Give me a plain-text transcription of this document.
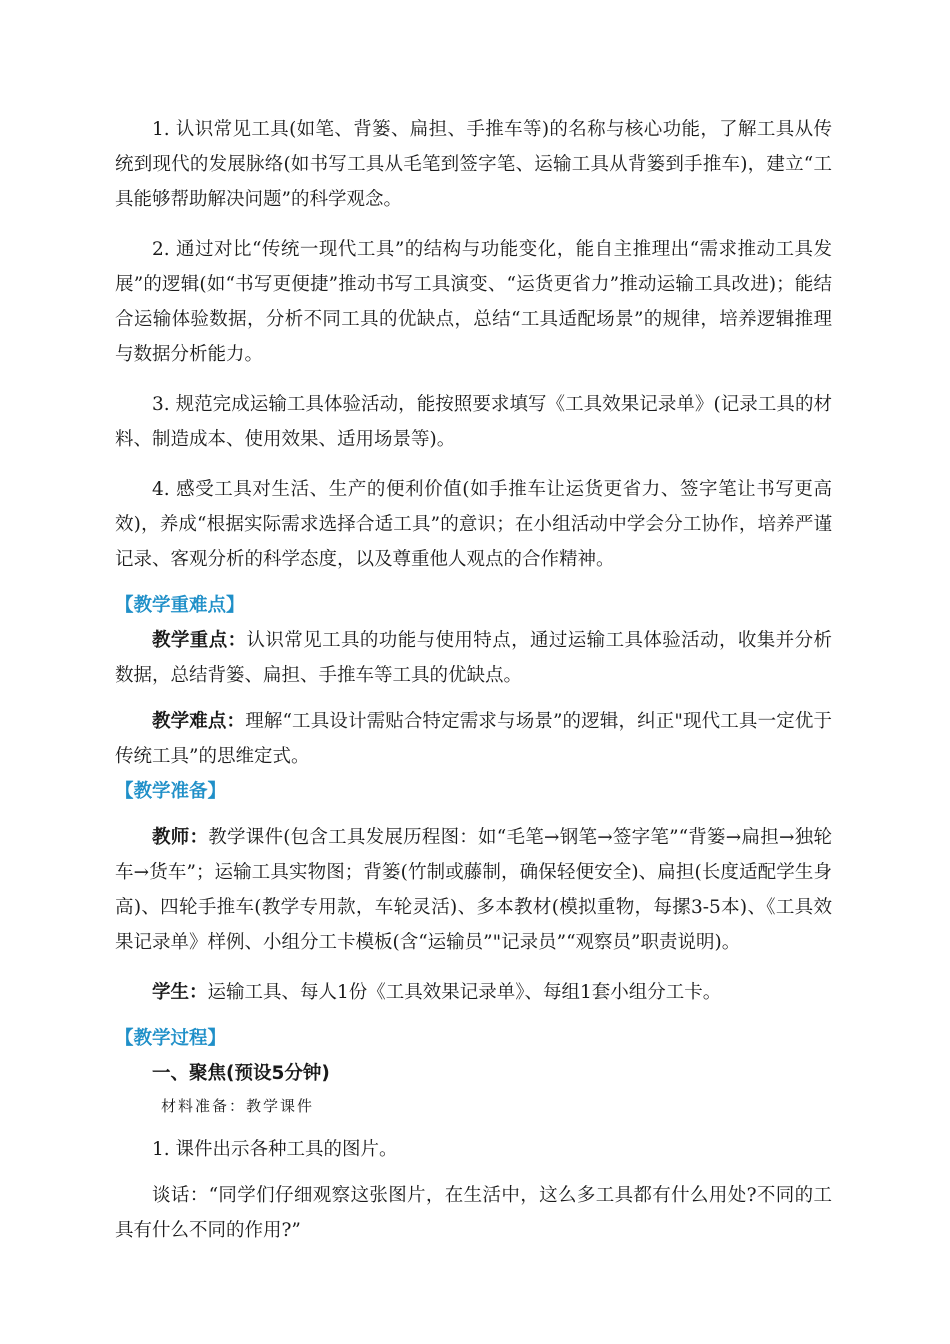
1. 认识常见工具(如笔、背篓、扁担、手推车等)的名称与核心功能，了解工具从传统到现代的发展脉络(如书写工具从毛笔到签字笔、运输工具从背篓到手推车)，建立“工具能够帮助解决问题”的科学观念。

2. 通过对比“传统一现代工具”的结构与功能变化，能自主推理出“需求推动工具发展”的逻辑(如“书写更便捷”推动书写工具演变、“运货更省力”推动运输工具改进)；能结合运输体验数据，分析不同工具的优缺点，总结“工具适配场景”的规律，培养逻辑推理与数据分析能力。

3. 规范完成运输工具体验活动，能按照要求填写《工具效果记录单》(记录工具的材料、制造成本、使用效果、适用场景等)。

4. 感受工具对生活、生产的便利价值(如手推车让运货更省力、签字笔让书写更高效)，养成“根据实际需求选择合适工具”的意识；在小组活动中学会分工协作，培养严谨记录、客观分析的科学态度，以及尊重他人观点的合作精神。

【教学重难点】

教学重点：认识常见工具的功能与使用特点，通过运输工具体验活动，收集并分析数据，总结背篓、扁担、手推车等工具的优缺点。

教学难点：理解“工具设计需贴合特定需求与场景”的逻辑，纠正"现代工具一定优于传统工具”的思维定式。

【教学准备】

教师：教学课件(包含工具发展历程图：如“毛笔→钢笔→签字笔”“背篓→扁担→独轮车→货车”；运输工具实物图；背篓(竹制或藤制，确保轻便安全)、扁担(长度适配学生身高)、四轮手推车(教学专用款，车轮灵活)、多本教材(模拟重物，每摞3-5本)、《工具效果记录单》样例、小组分工卡模板(含“运输员”"记录员”“观察员”职责说明)。

学生：运输工具、每人1份《工具效果记录单》、每组1套小组分工卡。

【教学过程】

一、聚焦(预设5分钟)

材料准备：教学课件

1. 课件出示各种工具的图片。

谈话：“同学们仔细观察这张图片，在生活中，这么多工具都有什么用处?不同的工具有什么不同的作用?”
